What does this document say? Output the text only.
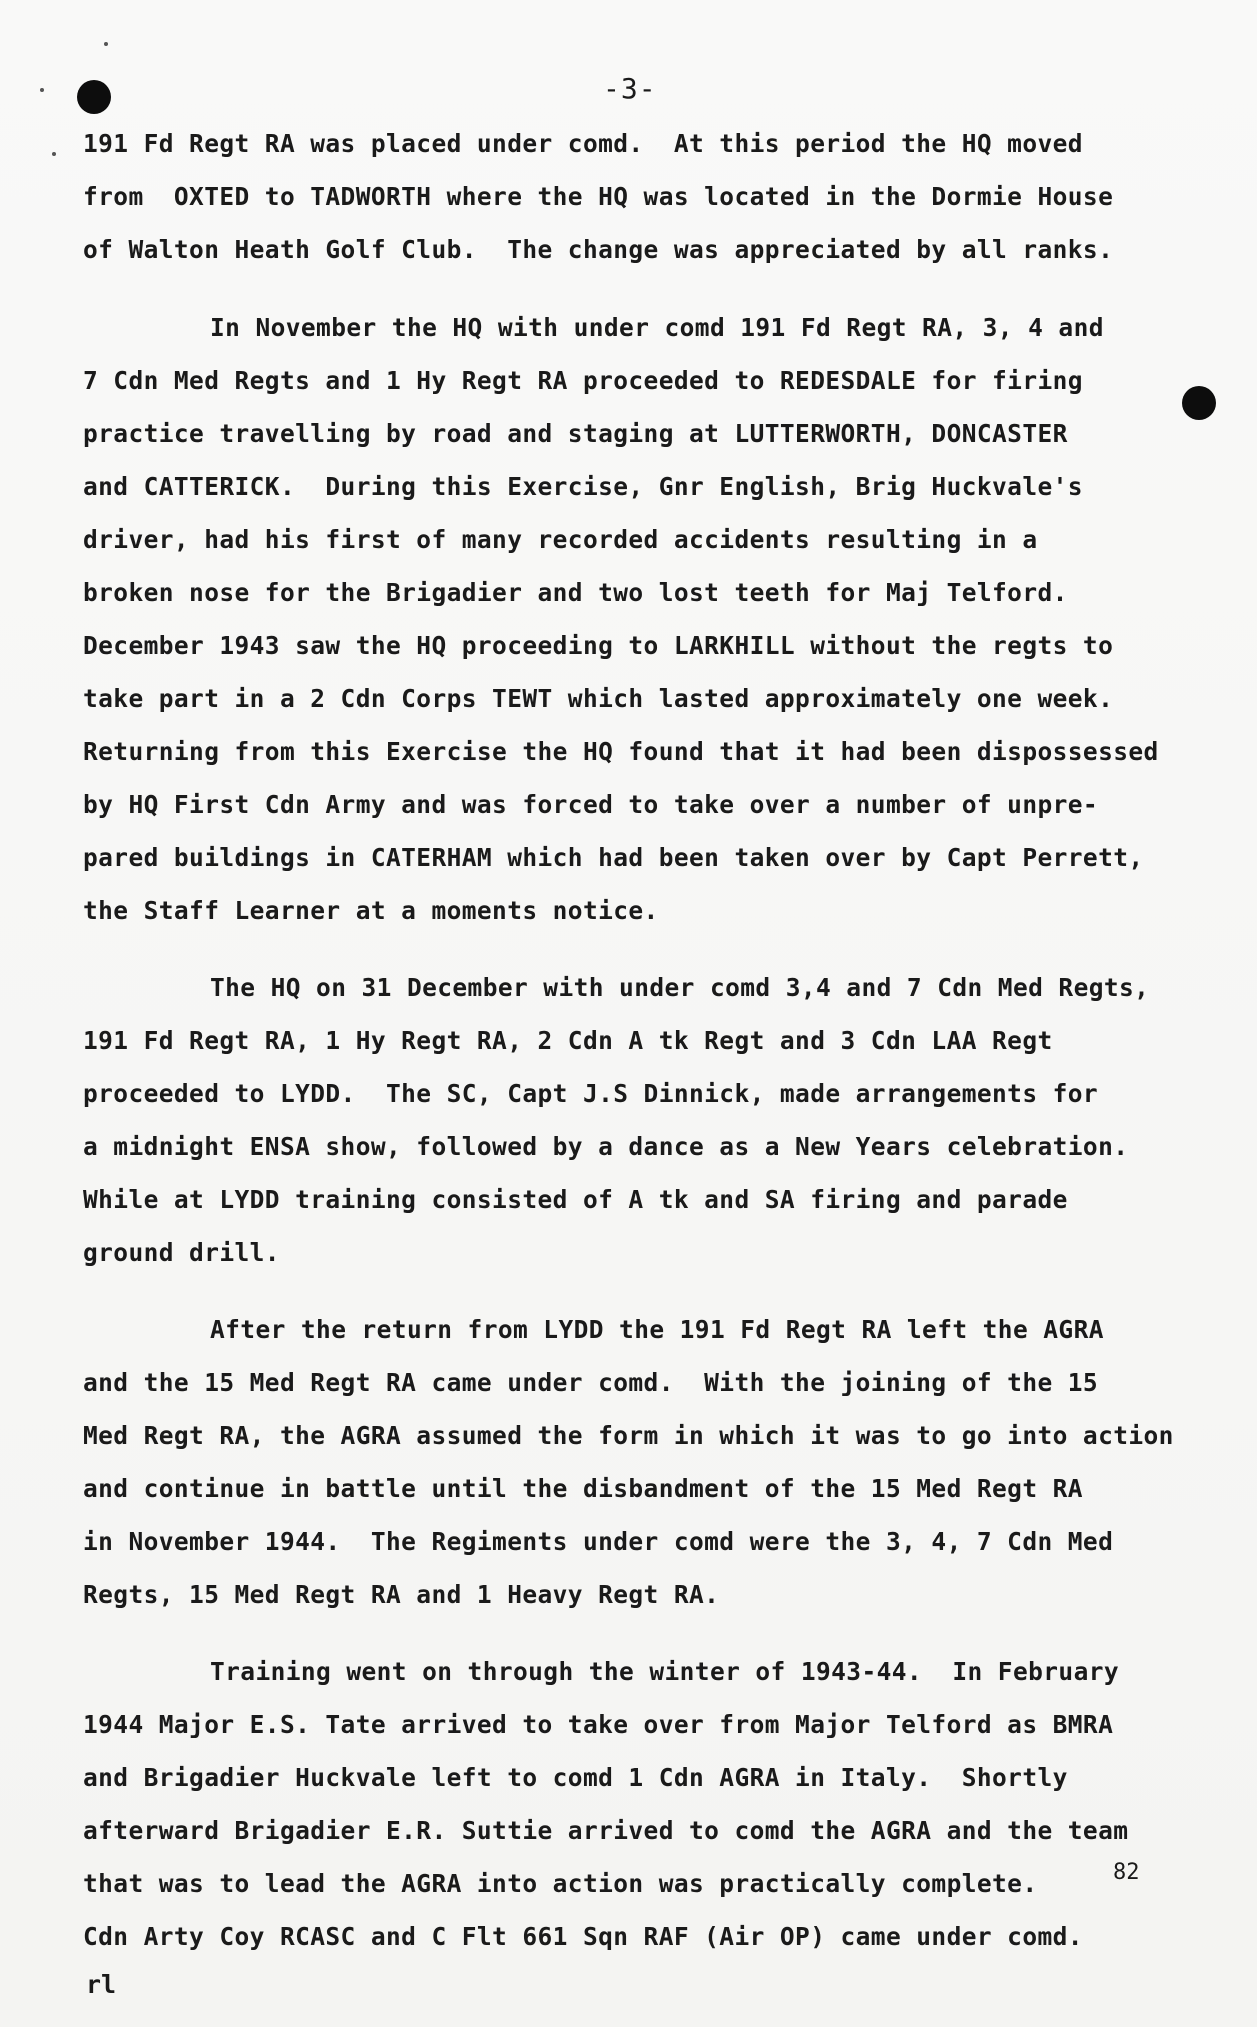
-3-
191 Fd Regt RA was placed under comd.  At this period the HQ moved
from  OXTED to TADWORTH where the HQ was located in the Dormie House
of Walton Heath Golf Club.  The change was appreciated by all ranks.
In November the HQ with under comd 191 Fd Regt RA, 3, 4 and
7 Cdn Med Regts and 1 Hy Regt RA proceeded to REDESDALE for firing
practice travelling by road and staging at LUTTERWORTH, DONCASTER
and CATTERICK.  During this Exercise, Gnr English, Brig Huckvale's
driver, had his first of many recorded accidents resulting in a
broken nose for the Brigadier and two lost teeth for Maj Telford.
December 1943 saw the HQ proceeding to LARKHILL without the regts to
take part in a 2 Cdn Corps TEWT which lasted approximately one week.
Returning from this Exercise the HQ found that it had been dispossessed
by HQ First Cdn Army and was forced to take over a number of unpre-
pared buildings in CATERHAM which had been taken over by Capt Perrett,
the Staff Learner at a moments notice.
The HQ on 31 December with under comd 3,4 and 7 Cdn Med Regts,
191 Fd Regt RA, 1 Hy Regt RA, 2 Cdn A tk Regt and 3 Cdn LAA Regt
proceeded to LYDD.  The SC, Capt J.S Dinnick, made arrangements for
a midnight ENSA show, followed by a dance as a New Years celebration.
While at LYDD training consisted of A tk and SA firing and parade
ground drill.
After the return from LYDD the 191 Fd Regt RA left the AGRA
and the 15 Med Regt RA came under comd.  With the joining of the 15
Med Regt RA, the AGRA assumed the form in which it was to go into action
and continue in battle until the disbandment of the 15 Med Regt RA
in November 1944.  The Regiments under comd were the 3, 4, 7 Cdn Med
Regts, 15 Med Regt RA and 1 Heavy Regt RA.
Training went on through the winter of 1943-44.  In February
1944 Major E.S. Tate arrived to take over from Major Telford as BMRA
and Brigadier Huckvale left to comd 1 Cdn AGRA in Italy.  Shortly
afterward Brigadier E.R. Suttie arrived to comd the AGRA and the team
that was to lead the AGRA into action was practically complete.
Cdn Arty Coy RCASC and C Flt 661 Sqn RAF (Air OP) came under comd.
82
rl
